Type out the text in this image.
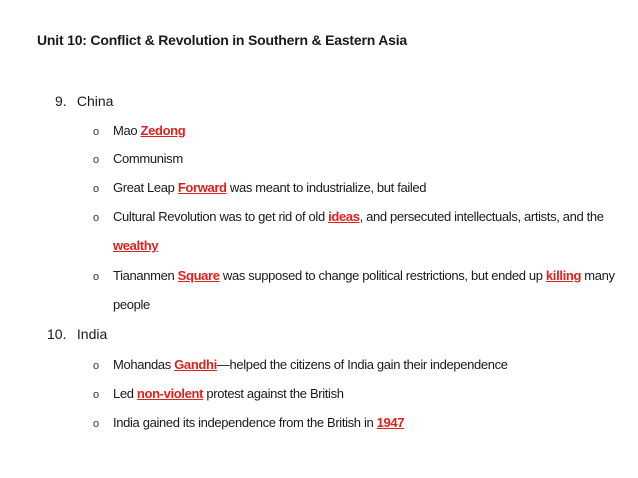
Unit 10: Conflict & Revolution in Southern & Eastern Asia
9. China
o Mao Zedong
o Communism
o Great Leap Forward was meant to industrialize, but failed
o Cultural Revolution was to get rid of old ideas, and persecuted intellectuals, artists, and the
wealthy
o Tiananmen Square was supposed to change political restrictions, but ended up killing many
people
10. India
o Mohandas Gandhi—helped the citizens of India gain their independence
o Led non-violent protest against the British
o India gained its independence from the British in 1947
